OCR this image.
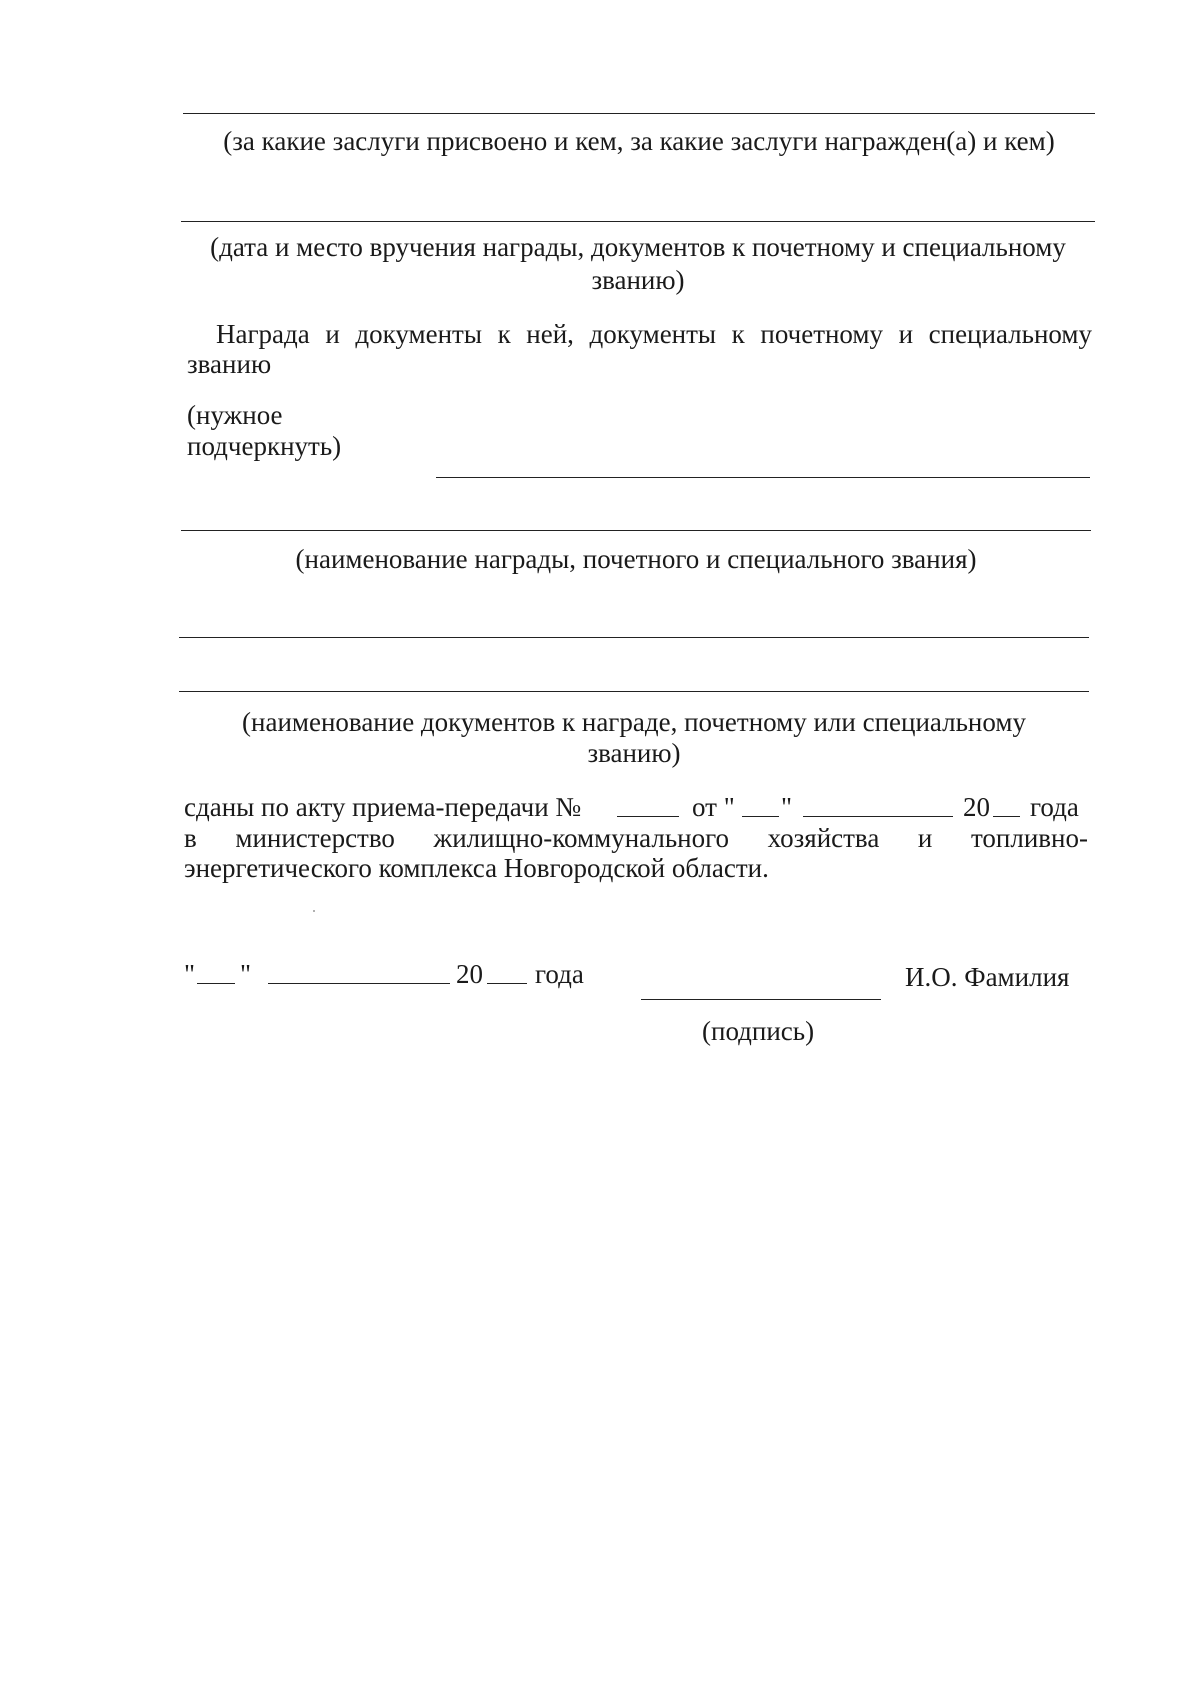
(за какие заслуги присвоено и кем, за какие заслуги награжден(а) и кем)
(дата и место вручения награды, документов к почетному и специальному
званию)
Награда и документы к ней, документы к почетному и специальному
званию
(нужное
подчеркнуть)
(наименование награды, почетного и специального звания)
(наименование документов к награде, почетному или специальному
званию)
сданы по акту приема-передачи №	от " "	20 года
в министерство жилищно-коммунального хозяйства и топливно-
энергетического комплекса Новгородской области.
" "	20 года	И.О. Фамилия
(подпись)
